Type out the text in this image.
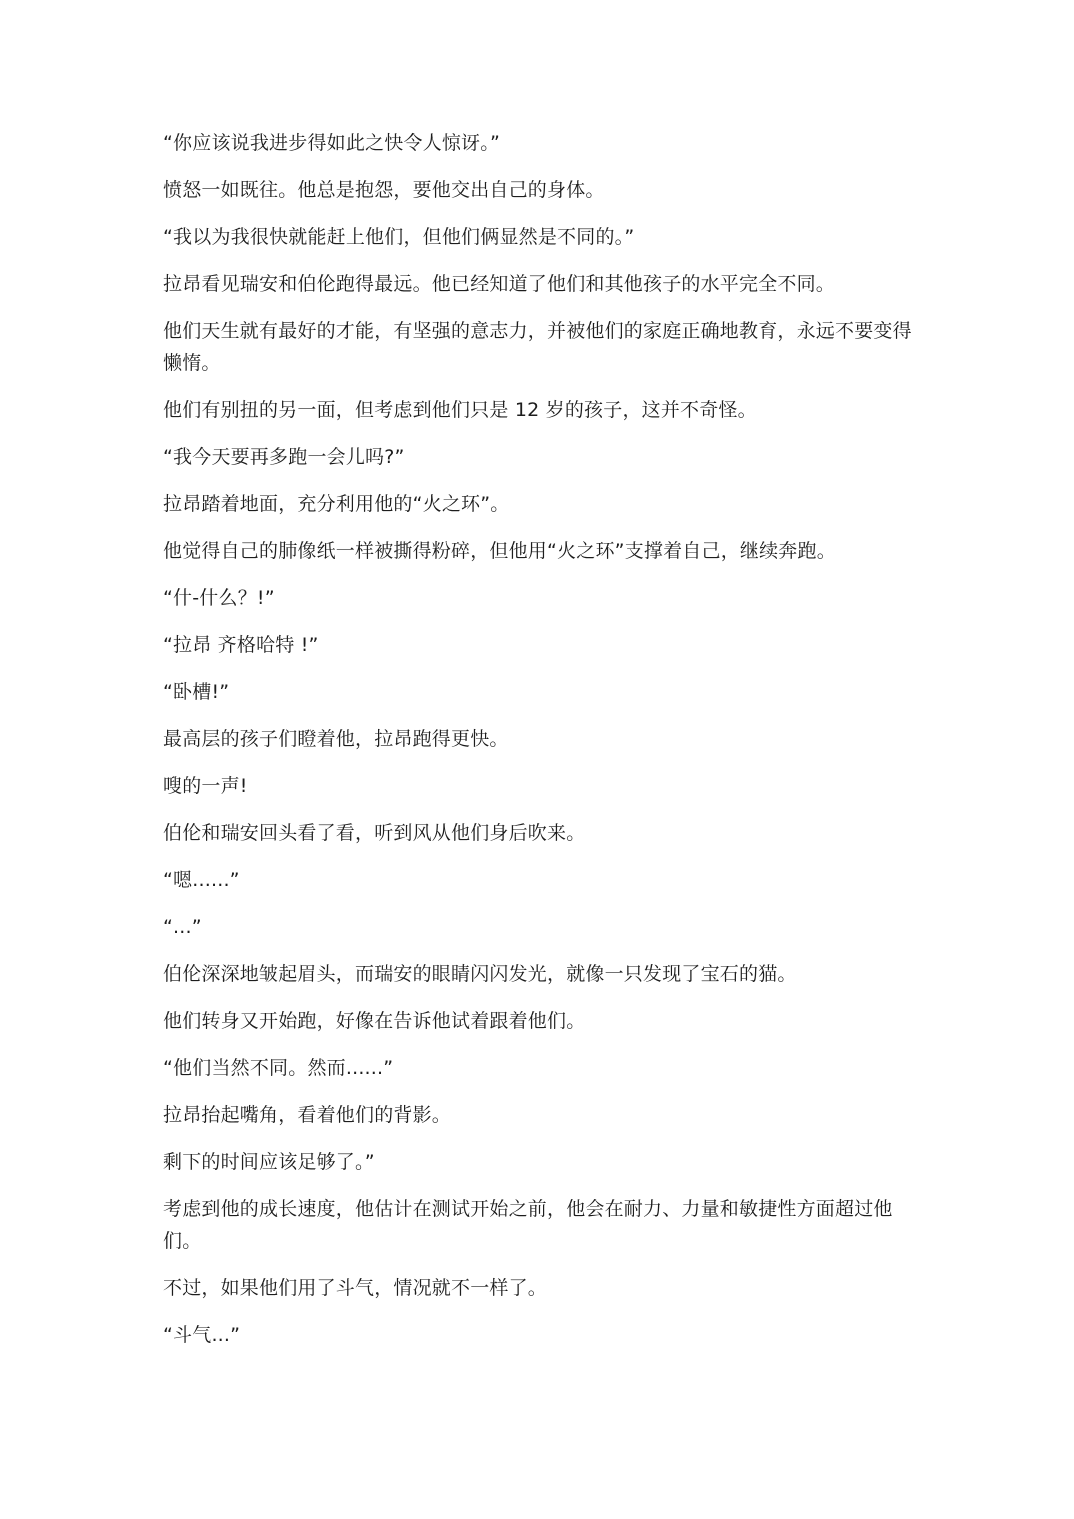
“你应该说我进步得如此之快令人惊讶。”

愤怒一如既往。他总是抱怨，要他交出自己的身体。

“我以为我很快就能赶上他们，但他们俩显然是不同的。”

拉昂看见瑞安和伯伦跑得最远。他已经知道了他们和其他孩子的水平完全不同。

他们天生就有最好的才能，有坚强的意志力，并被他们的家庭正确地教育，永远不要变得懒惰。

他们有别扭的另一面，但考虑到他们只是 12 岁的孩子，这并不奇怪。

“我今天要再多跑一会儿吗?”

拉昂踏着地面，充分利用他的“火之环”。

他觉得自己的肺像纸一样被撕得粉碎，但他用“火之环”支撑着自己，继续奔跑。

“什-什么？!”

“拉昂 齐格哈特 !”

“卧槽!”

最高层的孩子们瞪着他，拉昂跑得更快。

嗖的一声!

伯伦和瑞安回头看了看，听到风从他们身后吹来。

“嗯......”

“...”

伯伦深深地皱起眉头，而瑞安的眼睛闪闪发光，就像一只发现了宝石的猫。

他们转身又开始跑，好像在告诉他试着跟着他们。

“他们当然不同。然而......”

拉昂抬起嘴角，看着他们的背影。

剩下的时间应该足够了。”

考虑到他的成长速度，他估计在测试开始之前，他会在耐力、力量和敏捷性方面超过他们。

不过，如果他们用了斗气，情况就不一样了。

“斗气...”
